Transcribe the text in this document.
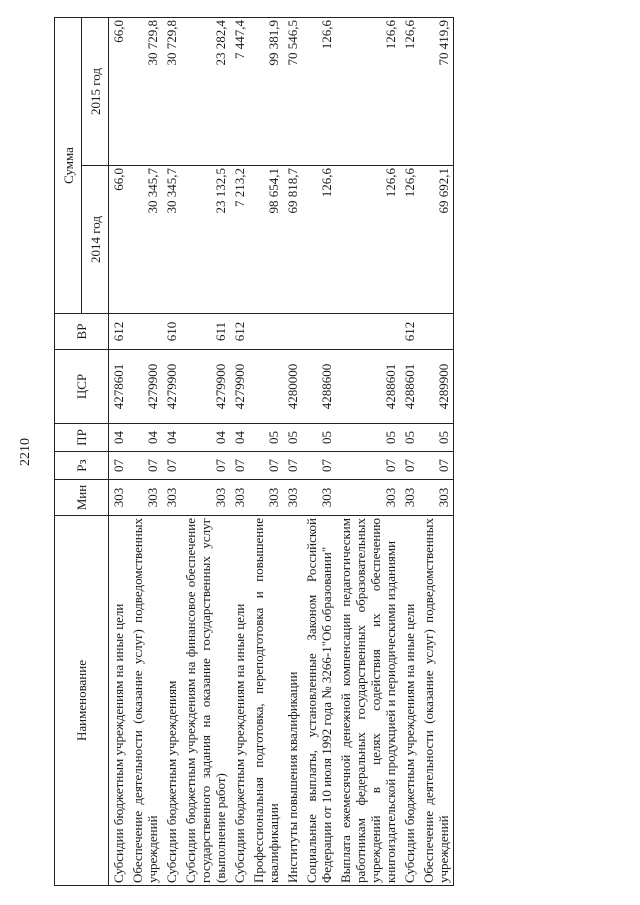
2210
Наименование	Мин	Рз	ПР	ЦСР	ВР	Сумма	
						2014 год	2015 год
Субсидии бюджетным учреждениям на иные цели	303	07	04	4278601	612	66,0	66,0
Обеспечение деятельности (оказание услуг) подведомственных учреждений	303	07	04	4279900		30 345,7	30 729,8
Субсидии бюджетным учреждениям	303	07	04	4279900	610	30 345,7	30 729,8
Субсидии бюджетным учреждениям на финансовое обеспечение государственного задания на оказание государственных услуг (выполнение работ)	303	07	04	4279900	611	23 132,5	23 282,4
Субсидии бюджетным учреждениям на иные цели	303	07	04	4279900	612	7 213,2	7 447,4
Профессиональная подготовка, переподготовка и повышение квалификации	303	07	05			98 654,1	99 381,9
Институты повышения квалификации	303	07	05	4280000		69 818,7	70 546,5
Социальные выплаты, установленные Законом Российской Федерации от 10 июля 1992 года № 3266-1"Об образовании"	303	07	05	4288600		126,6	126,6
Выплата ежемесячной денежной компенсации педагогическим работникам федеральных государственных образовательных учреждений в целях содействия их обеспечению книгоиздательской продукцией и периодическими изданиями	303	07	05	4288601		126,6	126,6
Субсидии бюджетным учреждениям на иные цели	303	07	05	4288601	612	126,6	126,6
Обеспечение деятельности (оказание услуг) подведомственных учреждений	303	07	05	4289900		69 692,1	70 419,9
